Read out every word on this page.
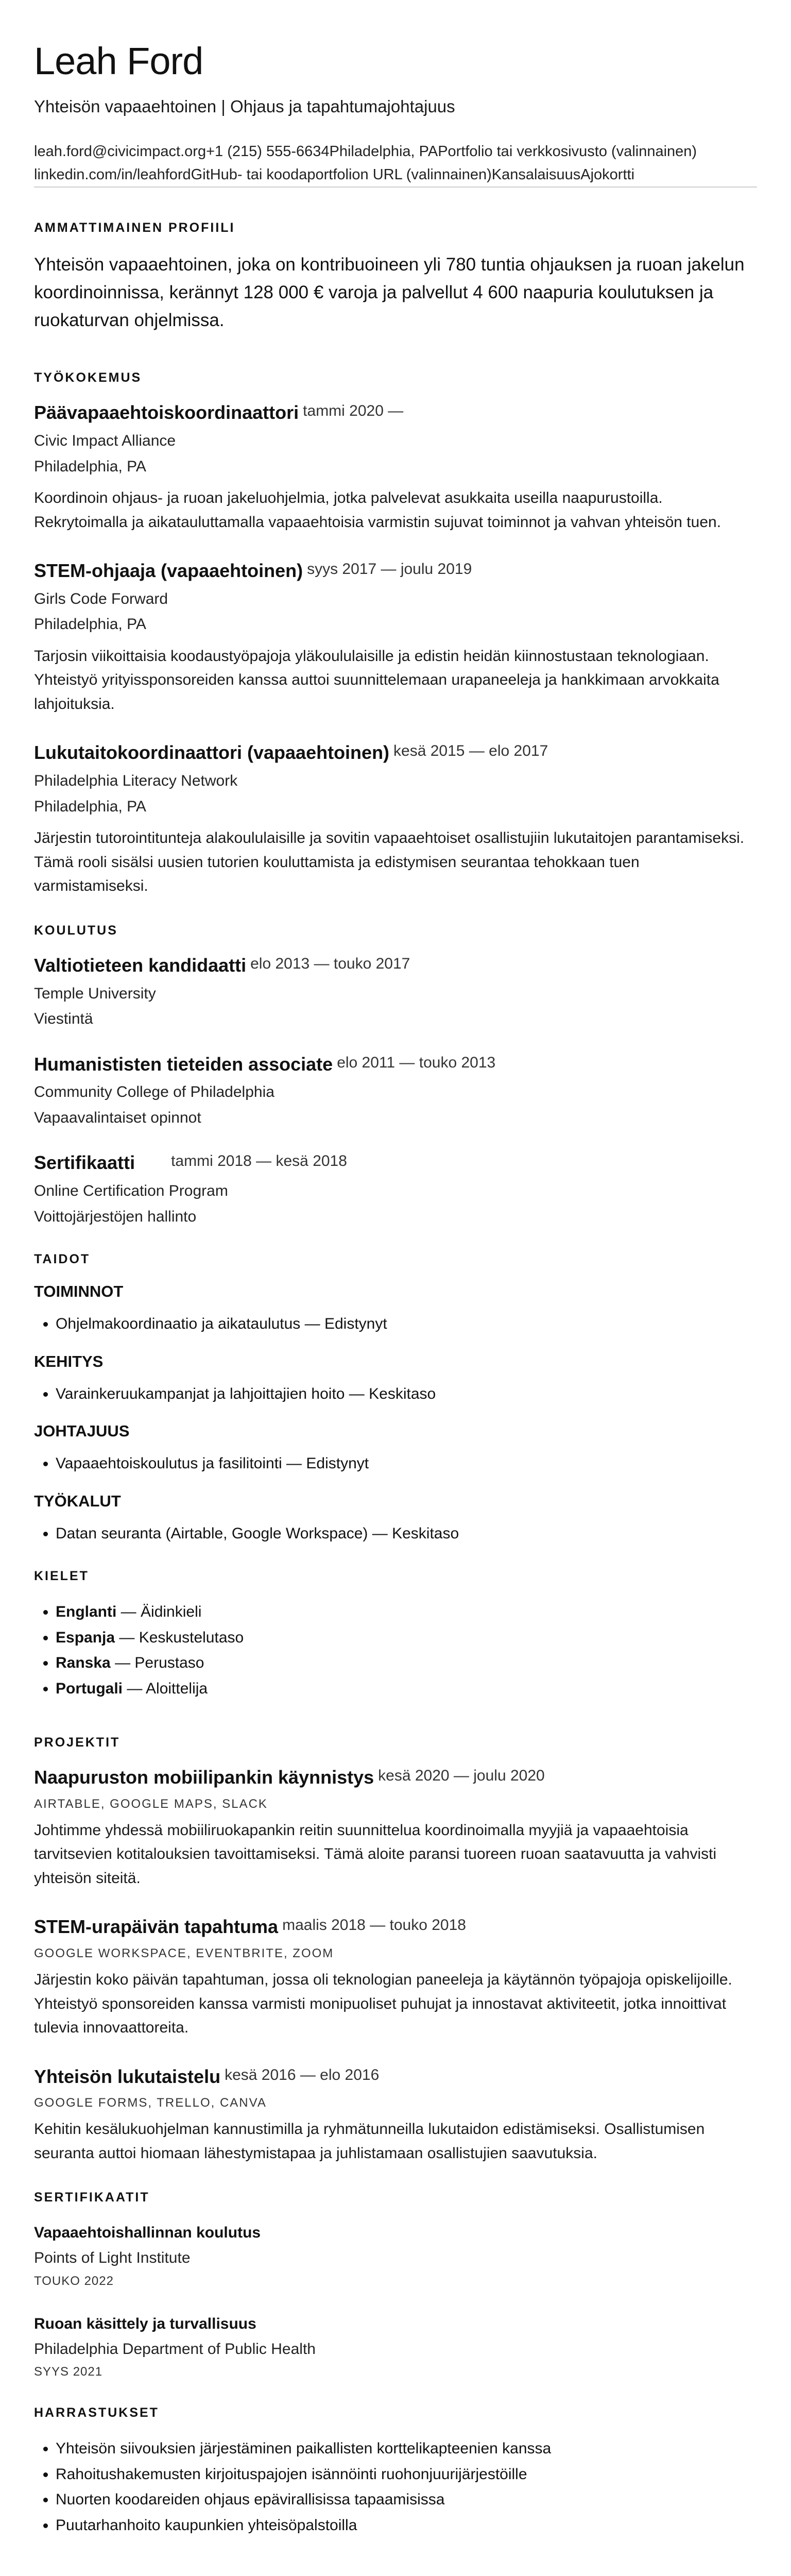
Leah Ford
Yhteisön vapaaehtoinen | Ohjaus ja tapahtumajohtajuus
leah.ford@civicimpact.org+1 (215) 555-6634Philadelphia, PAPortfolio tai verkkosivusto (valinnainen)
linkedin.com/in/leahfordGitHub- tai koodaportfolion URL (valinnainen)KansalaisuusAjokortti
AMMATTIMAINEN PROFIILI

Yhteisön vapaaehtoinen, joka on kontribuoineen yli 780 tuntia ohjauksen ja ruoan jakelun koordinoinnissa, kerännyt 128 000 € varoja ja palvellut 4 600 naapuria koulutuksen ja ruokaturvan ohjelmissa.

TYÖKOKEMUS
Päävapaaehtoiskoordinaattori tammi 2020 —
Civic Impact Alliance
Philadelphia, PA
Koordinoin ohjaus- ja ruoan jakeluohjelmia, jotka palvelevat asukkaita useilla naapurustoilla. Rekrytoimalla ja aikatauluttamalla vapaaehtoisia varmistin sujuvat toiminnot ja vahvan yhteisön tuen.
STEM-ohjaaja (vapaaehtoinen) syys 2017 — joulu 2019
Girls Code Forward
Philadelphia, PA
Tarjosin viikoittaisia koodaustyöpajoja yläkoululaisille ja edistin heidän kiinnostustaan teknologiaan. Yhteistyö yrityissponsoreiden kanssa auttoi suunnittelemaan urapaneeleja ja hankkimaan arvokkaita lahjoituksia.
Lukutaitokoordinaattori (vapaaehtoinen) kesä 2015 — elo 2017
Philadelphia Literacy Network
Philadelphia, PA
Järjestin tutorointitunteja alakoululaisille ja sovitin vapaaehtoiset osallistujiin lukutaitojen parantamiseksi. Tämä rooli sisälsi uusien tutorien kouluttamista ja edistymisen seurantaa tehokkaan tuen varmistamiseksi.
KOULUTUS
Valtiotieteen kandidaatti elo 2013 — touko 2017
Temple University
Viestintä
Humanististen tieteiden associate elo 2011 — touko 2013
Community College of Philadelphia
Vapaavalintaiset opinnot
Sertifikaatti tammi 2018 — kesä 2018
Online Certification Program
Voittojärjestöjen hallinto
TAIDOT
TOIMINNOT
• Ohjelmakoordinaatio ja aikataulutus — Edistynyt
KEHITYS
• Varainkeruukampanjat ja lahjoittajien hoito — Keskitaso
JOHTAJUUS
• Vapaaehtoiskoulutus ja fasilitointi — Edistynyt
TYÖKALUT
• Datan seuranta (Airtable, Google Workspace) — Keskitaso
KIELET
• Englanti — Äidinkieli
• Espanja — Keskustelutaso
• Ranska — Perustaso
• Portugali — Aloittelija
PROJEKTIT
Naapuruston mobiilipankin käynnistys kesä 2020 — joulu 2020
AIRTABLE, GOOGLE MAPS, SLACK
Johtimme yhdessä mobiiliruokapankin reitin suunnittelua koordinoimalla myyjiä ja vapaaehtoisia tarvitsevien kotitalouksien tavoittamiseksi. Tämä aloite paransi tuoreen ruoan saatavuutta ja vahvisti yhteisön siteitä.
STEM-urapäivän tapahtuma maalis 2018 — touko 2018
GOOGLE WORKSPACE, EVENTBRITE, ZOOM
Järjestin koko päivän tapahtuman, jossa oli teknologian paneeleja ja käytännön työpajoja opiskelijoille. Yhteistyö sponsoreiden kanssa varmisti monipuoliset puhujat ja innostavat aktiviteetit, jotka innoittivat tulevia innovaattoreita.
Yhteisön lukutaistelu kesä 2016 — elo 2016
GOOGLE FORMS, TRELLO, CANVA
Kehitin kesälukuohjelman kannustimilla ja ryhmätunneilla lukutaidon edistämiseksi. Osallistumisen seuranta auttoi hiomaan lähestymistapaa ja juhlistamaan osallistujien saavutuksia.
SERTIFIKAATIT
Vapaaehtoishallinnan koulutus
Points of Light Institute
TOUKO 2022
Ruoan käsittely ja turvallisuus
Philadelphia Department of Public Health
SYYS 2021
HARRASTUKSET
• Yhteisön siivouksien järjestäminen paikallisten korttelikapteenien kanssa
• Rahoitushakemusten kirjoituspajojen isännöinti ruohonjuurijärjestöille
• Nuorten koodareiden ohjaus epävirallisissa tapaamisissa
• Puutarhanhoito kaupunkien yhteisöpalstoilla
